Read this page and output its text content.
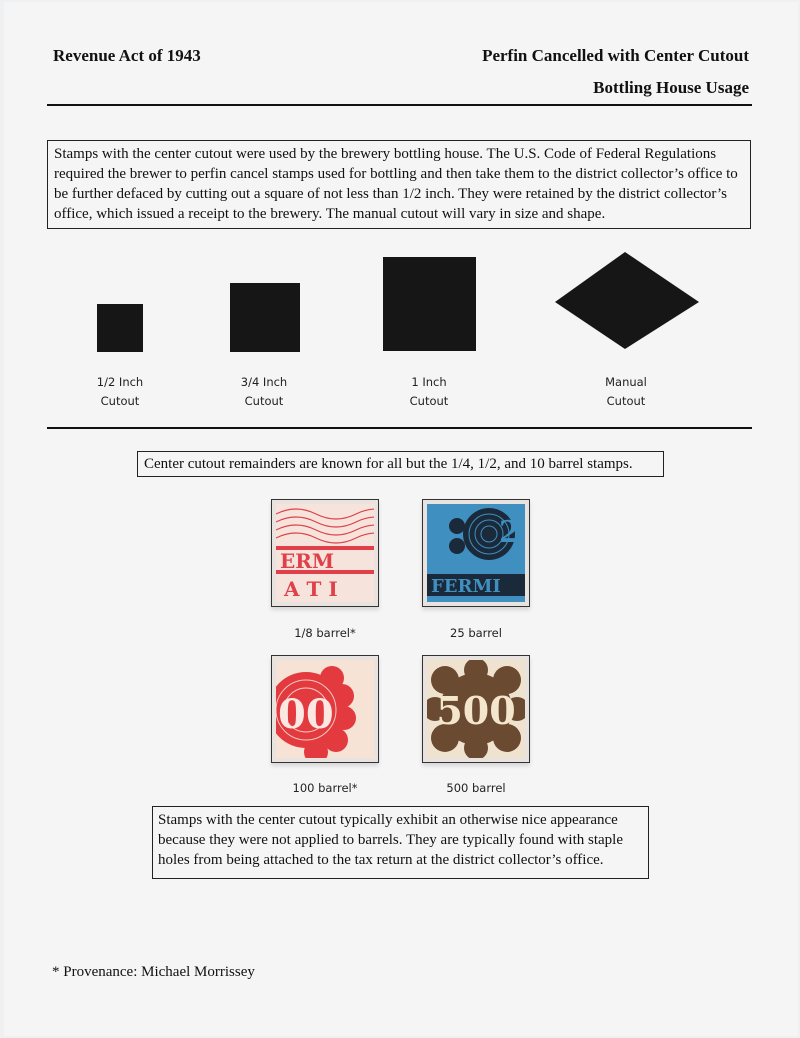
Revenue Act of 1943	Perfin Cancelled with Center Cutout
Bottling House Usage
Stamps with the center cutout were used by the brewery bottling house. The U.S. Code of Federal Regulations required the brewer to perfin cancel stamps used for bottling and then take them to the district collector’s office to be further defaced by cutting out a square of not less than 1/2 inch. They were retained by the district collector’s office, which issued a receipt to the brewery. The manual cutout will vary in size and shape.
1/2 Inch
Cutout
3/4 Inch
Cutout
1 Inch
Cutout
Manual
Cutout
Center cutout remainders are known for all but the 1/4, 1/2, and 10 barrel stamps.
ERM
A T I
1/8 barrel*
2
FERMI
25 barrel
00
100 barrel*
500
500 barrel
Stamps with the center cutout typically exhibit an otherwise nice appearance because they were not applied to barrels. They are typically found with staple holes from being attached to the tax return at the district collector’s office.
* Provenance: Michael Morrissey
